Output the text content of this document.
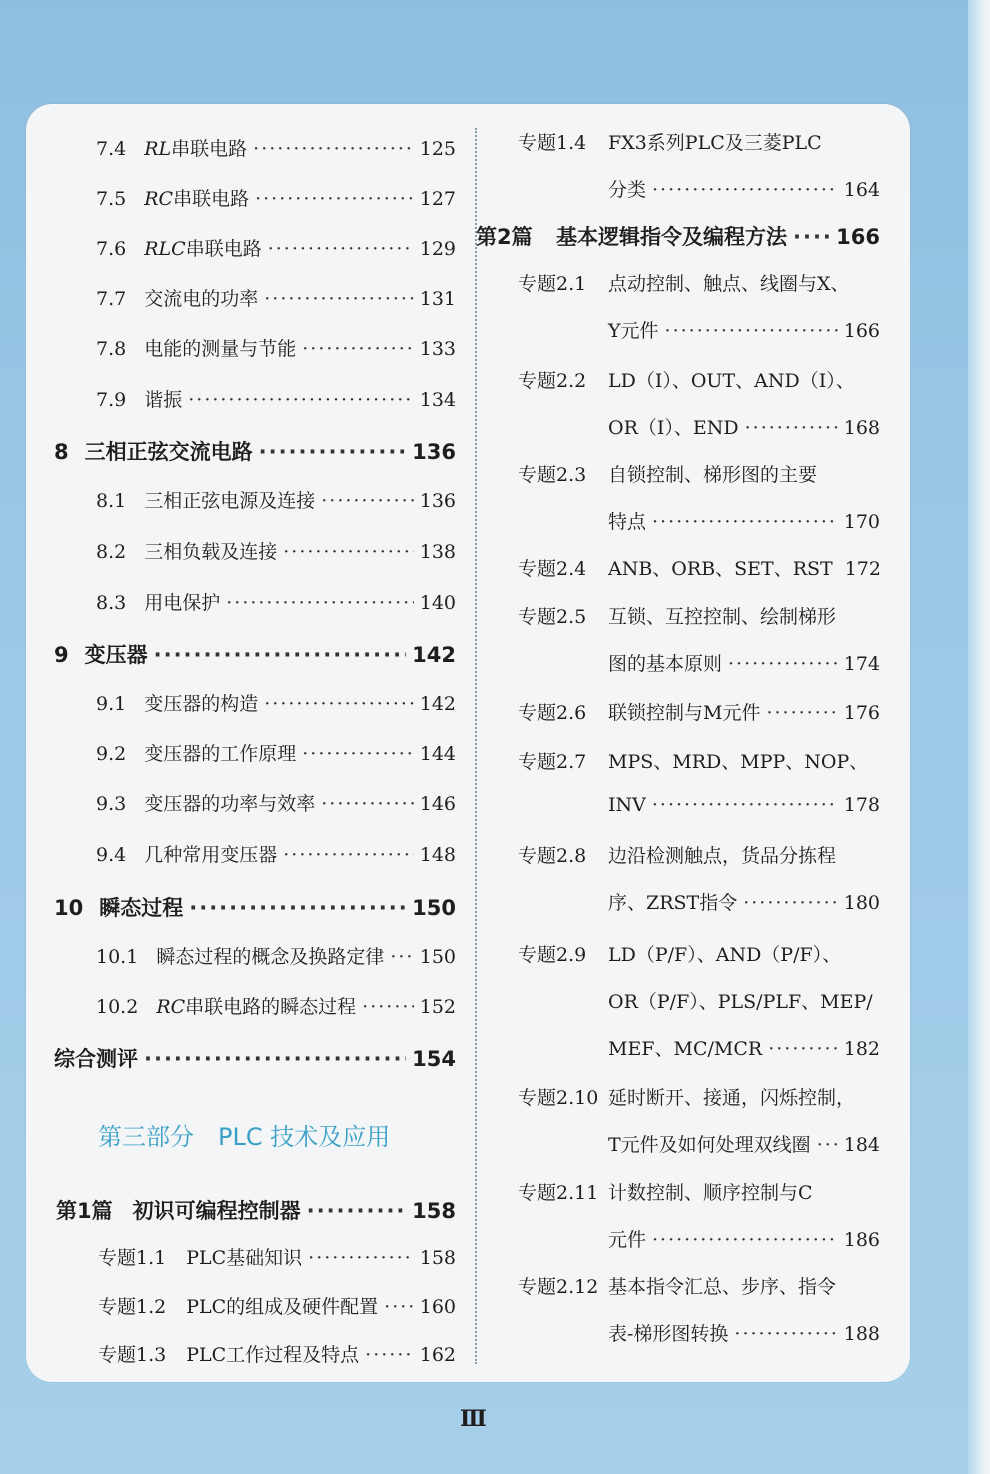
7.4 RL串联电路 ·····	125
7.5 RC串联电路 ·····	127
7.6 RLC串联电路 ·····	129
7.7 交流电的功率 ·····	131
7.8 电能的测量与节能 ·····	133
7.9 谐振 ·····	134
8 三相正弦交流电路 ·····	136
8.1 三相正弦电源及连接 ·····	136
8.2 三相负载及连接 ·····	138
8.3 用电保护 ·····	140
9 变压器 ·····	142
9.1 变压器的构造 ·····	142
9.2 变压器的工作原理 ·····	144
9.3 变压器的功率与效率 ·····	146
9.4 几种常用变压器 ·····	148
10 瞬态过程 ·····	150
10.1 瞬态过程的概念及换路定律 ····· 150
10.2 RC串联电路的瞬态过程 ·····	152
综合测评 ·····	154
第1篇 初识可编程控制器 ·····	158
专题1.1 PLC基础知识 ·····	158
专题1.2 PLC的组成及硬件配置 ····· 160
专题1.3 PLC工作过程及特点 ·····	162
专题1.4 FX3系列PLC及三菱PLC
分类 ·····	164
第2篇 基本逻辑指令及编程方法 ····· 166
专题2.1 点动控制、触点、线圈与X、
Y元件 ·····	166
专题2.2 LD（I）、OUT、AND（I）、
OR（I）、END ·····	168
专题2.3 自锁控制、梯形图的主要
特点 ·····	170
专题2.4 ANB、ORB、SET、RST 172
专题2.5 互锁、互控控制、绘制梯形
图的基本原则 ·····	174
专题2.6 联锁控制与M元件 ·····	176
专题2.7 MPS、MRD、MPP、NOP、
INV ·····	178
专题2.8 边沿检测触点，货品分拣程
序、ZRST指令 ·····	180
专题2.9 LD（P/F）、AND（P/F）、
OR（P/F）、PLS/PLF、MEP/
MEF、MC/MCR ·····	182
专题2.10 延时断开、接通，闪烁控制，
T元件及如何处理双线圈 ····· 184
专题2.11 计数控制、顺序控制与C
元件 ·····	186
专题2.12 基本指令汇总、步序、指令
表-梯形图转换 ·····	188
第三部分　PLC 技术及应用
Ⅲ
